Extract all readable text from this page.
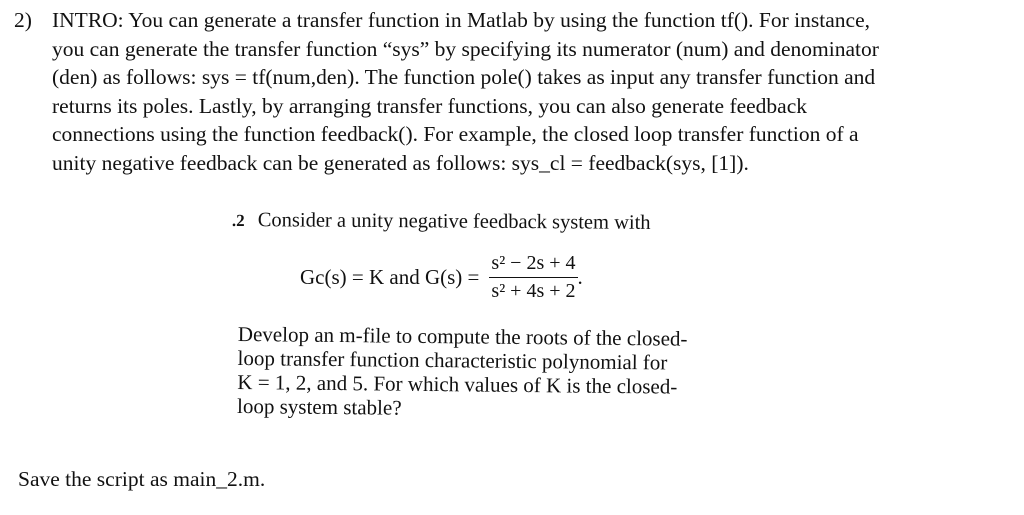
2) INTRO: You can generate a transfer function in Matlab by using the function tf(). For instance,
you can generate the transfer function “sys” by specifying its numerator (num) and denominator
(den) as follows: sys = tf(num,den). The function pole() takes as input any transfer function and
returns its poles. Lastly, by arranging transfer functions, you can also generate feedback
connections using the function feedback(). For example, the closed loop transfer function of a
unity negative feedback can be generated as follows: sys_cl = feedback(sys, [1]).
.2 Consider a unity negative feedback system with
Gc(s) = K and $G(s) = \frac{\text{s² − 2s + 4}}{\text{s² + 4s + 2}}$ .
Develop an m-file to compute the roots of the closed-
loop transfer function characteristic polynomial for
K = 1, 2, and 5. For which values of K is the closed-
loop system stable?
Save the script as main_2.m.
